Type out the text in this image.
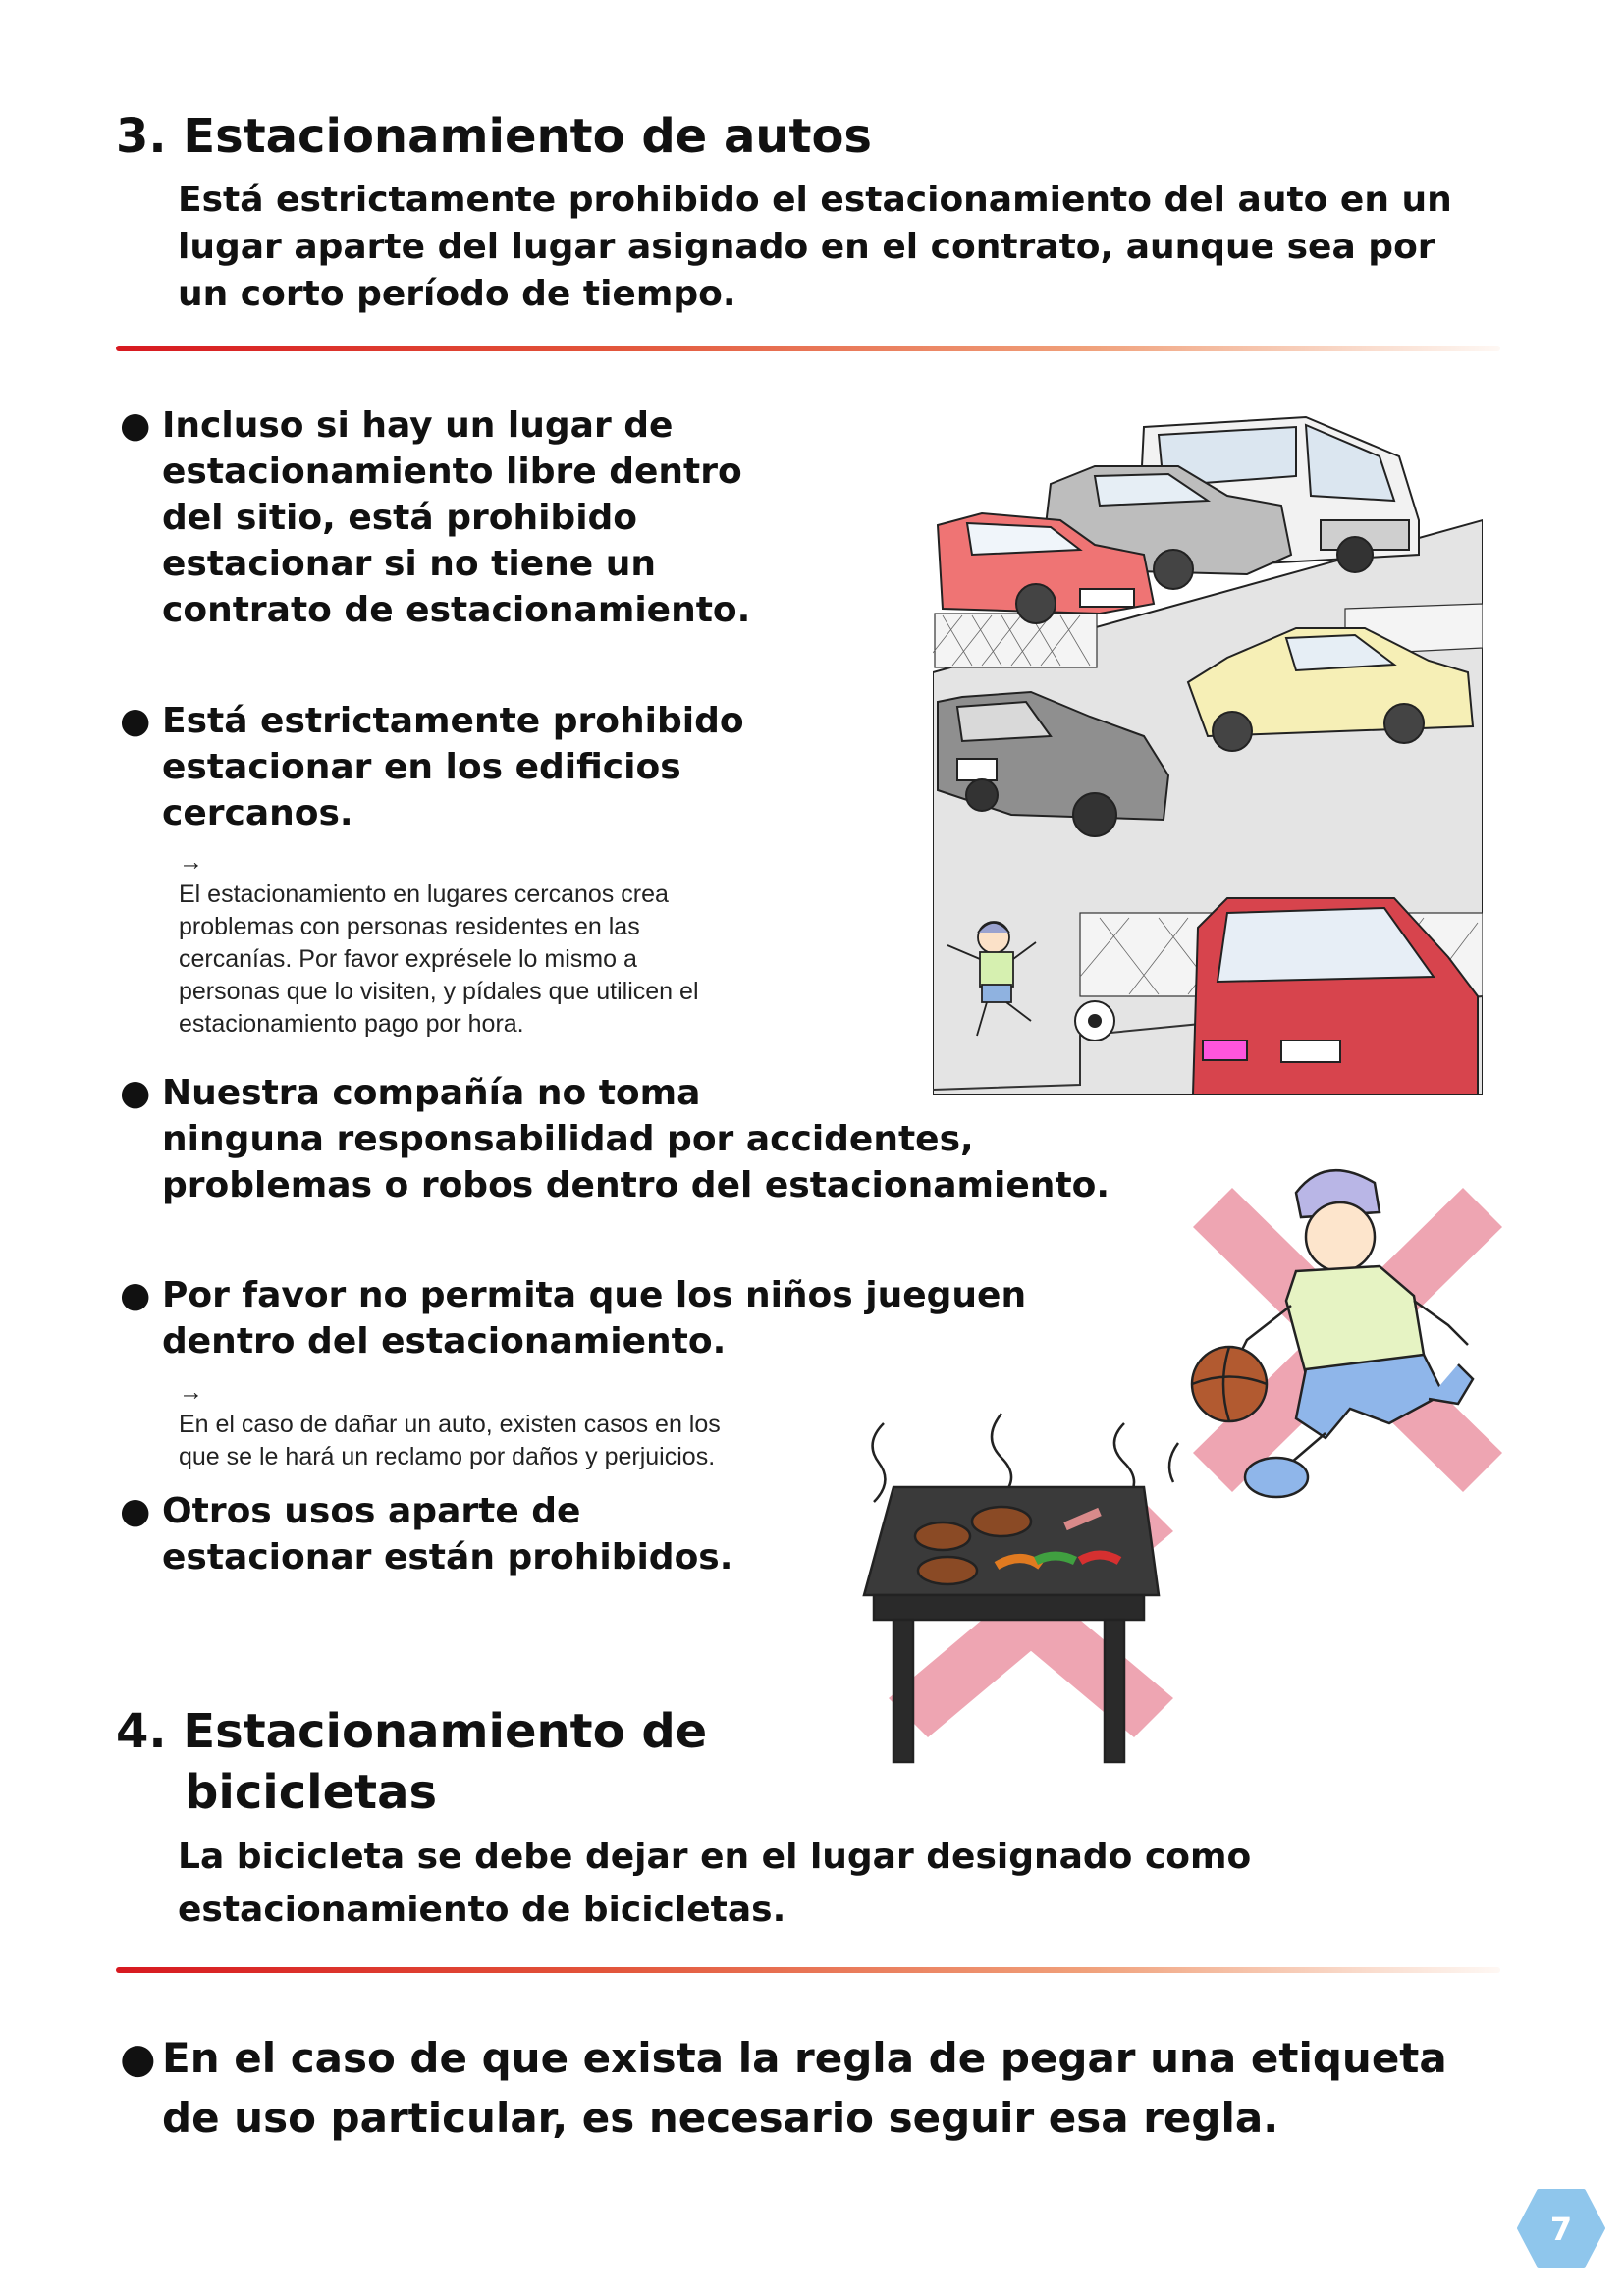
3. Estacionamiento de autos

Está estrictamente prohibido el estacionamiento del auto en un

lugar aparte del lugar asignado en el contrato, aunque sea por

un corto período de tiempo.

● Incluso si hay un lugar de

estacionamiento libre dentro

del sitio, está prohibido

estacionar si no tiene un

contrato de estacionamiento.

● Está estrictamente prohibido

estacionar en los edificios

cercanos.

→

El estacionamiento en lugares cercanos crea

problemas con personas residentes en las

cercanías. Por favor exprésele lo mismo a

personas que lo visiten, y pídales que utilicen el

estacionamiento pago por hora.

● Nuestra compañía no toma

ninguna responsabilidad por accidentes,

problemas o robos dentro del estacionamiento.

● Por favor no permita que los niños jueguen

dentro del estacionamiento.

→

En el caso de dañar un auto, existen casos en los

que se le hará un reclamo por daños y perjuicios.

● Otros usos aparte de

estacionar están prohibidos.

4. Estacionamiento de
bicicletas

La bicicleta se debe dejar en el lugar designado como

estacionamiento de bicicletas.

● En el caso de que exista la regla de pegar una etiqueta

de uso particular, es necesario seguir esa regla.

7
